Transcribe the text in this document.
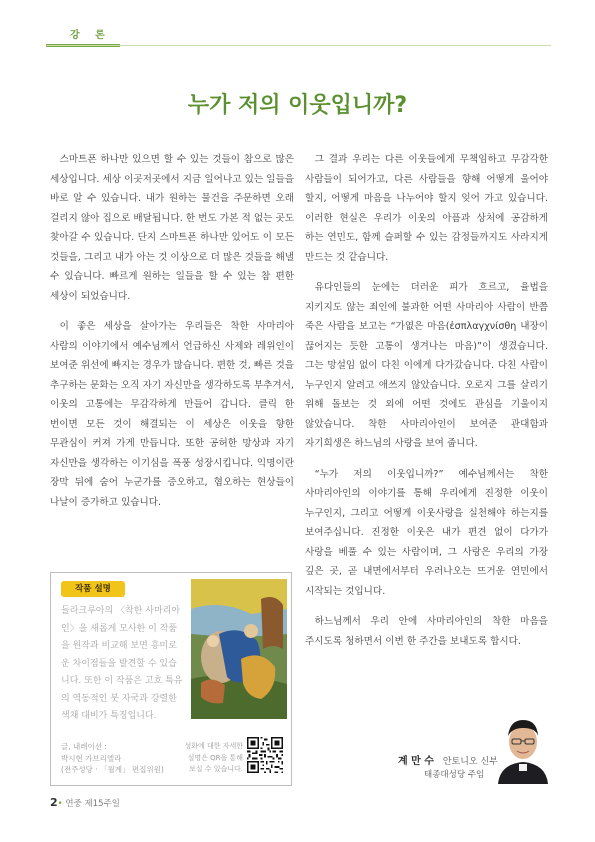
강 론
누가 저의 이웃입니까?

스마트폰 하나만 있으면 할 수 있는 것들이 참으로 많은 세상입니다. 세상 이곳저곳에서 지금 일어나고 있는 일들을 바로 알 수 있습니다. 내가 원하는 물건을 주문하면 오래 걸리지 않아 집으로 배달됩니다. 한 번도 가본 적 없는 곳도 찾아갈 수 있습니다. 단지 스마트폰 하나만 있어도 이 모든 것들을, 그리고 내가 아는 것 이상으로 더 많은 것들을 해낼 수 있습니다. 빠르게 원하는 일들을 할 수 있는 참 편한 세상이 되었습니다.

이 좋은 세상을 살아가는 우리들은 착한 사마리아 사람의 이야기에서 예수님께서 언급하신 사제와 레위인이 보여준 위선에 빠지는 경우가 많습니다. 편한 것, 빠른 것을 추구하는 문화는 오직 자기 자신만을 생각하도록 부추겨서, 이웃의 고통에는 무감각하게 만들어 갑니다. 클릭 한 번이면 모든 것이 해결되는 이 세상은 이웃을 향한 무관심이 커져 가게 만듭니다. 또한 공허한 망상과 자기 자신만을 생각하는 이기심을 폭풍 성장시킵니다. 익명이란 장막 뒤에 숨어 누군가를 증오하고, 혐오하는 현상들이 나날이 증가하고 있습니다.

그 결과 우리는 다른 이웃들에게 무책임하고 무감각한 사람들이 되어가고, 다른 사람들을 향해 어떻게 울어야 할지, 어떻게 마음을 나누어야 할지 잊어 가고 있습니다. 이러한 현실은 우리가 이웃의 아픔과 상처에 공감하게 하는 연민도, 함께 슬퍼할 수 있는 감정들까지도 사라지게 만드는 것 같습니다.

유다인들의 눈에는 더러운 피가 흐르고, 율법을 지키지도 않는 죄인에 불과한 어떤 사마리아 사람이 반쯤 죽은 사람을 보고는 “가엾은 마음(ἐσπλαγχνίσθη 내장이 끊어지는 듯한 고통이 생겨나는 마음)”이 생겼습니다. 그는 망설임 없이 다친 이에게 다가갔습니다. 다친 사람이 누구인지 알려고 애쓰지 않았습니다. 오로지 그를 살리기 위해 돌보는 것 외에 어떤 것에도 관심을 기울이지 않았습니다. 착한 사마리아인이 보여준 관대함과 자기희생은 하느님의 사랑을 보여 줍니다.

“누가 저의 이웃입니까?” 예수님께서는 착한 사마리아인의 이야기를 통해 우리에게 진정한 이웃이 누구인지, 그리고 어떻게 이웃사랑을 실천해야 하는지를 보여주십니다. 진정한 이웃은 내가 편견 없이 다가가 사랑을 베풀 수 있는 사람이며, 그 사랑은 우리의 가장 깊은 곳, 곧 내면에서부터 우러나오는 뜨거운 연민에서 시작되는 것입니다.

하느님께서 우리 안에 사마리아인의 착한 마음을 주시도록 청하면서 이번 한 주간을 보내도록 합시다.

작품 설명
들라크루아의 〈착한 사마리아인〉을 새롭게 모사한 이 작품을 원작과 비교해 보면 흥미로운 차이점들을 발견할 수 있습니다. 또한 이 작품은 고흐 특유의 역동적인 붓 자국과 강렬한 색채 대비가 특징입니다.
글, 내레이션 :
박시현 가브리엘라
(전주성당 · 「월계」 편집위원)
성화에 대한 자세한
설명은 QR을 통해
보실 수 있습니다.
계 만 수 안토니오 신부
태종대성당 주임
2• 연중 제15주일
